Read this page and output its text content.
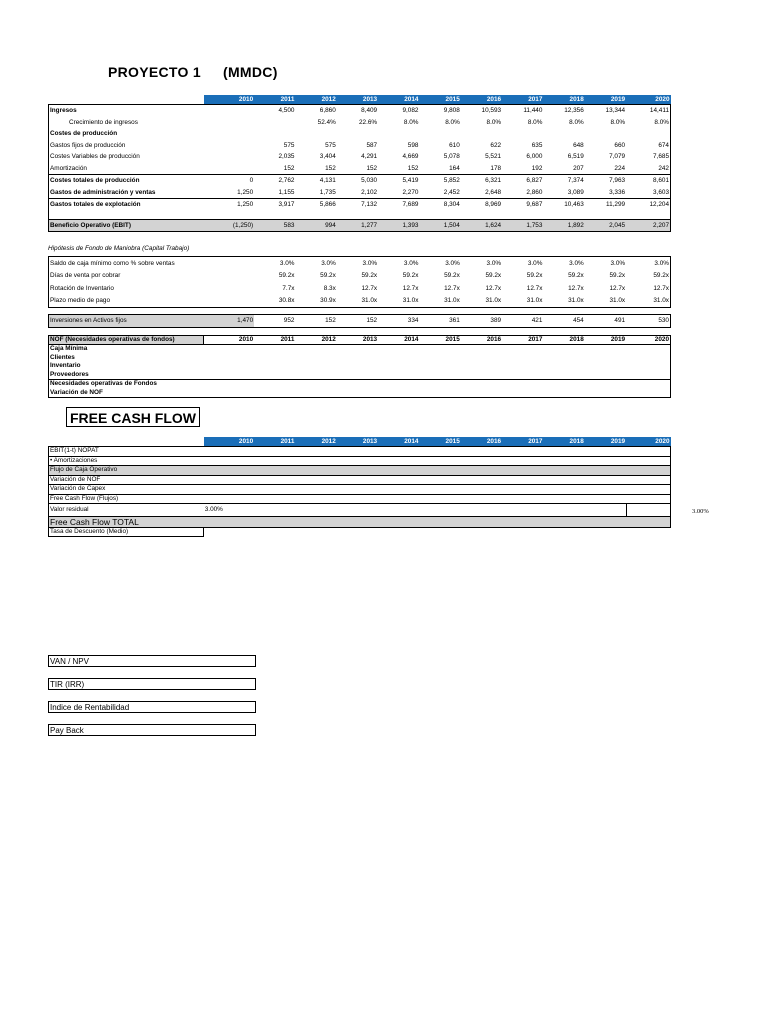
PROYECTO 1 (MMDC)
	2010	2011	2012	2013	2014	2015	2016	2017	2018	2019	2020
Ingresos		4,500	6,860	8,409	9,082	9,808	10,593	11,440	12,356	13,344	14,411
Crecimiento de ingresos			52.4%	22.6%	8.0%	8.0%	8.0%	8.0%	8.0%	8.0%	8.0%
Costes de producción											
Gastos fijos de producción		575	575	587	598	610	622	635	648	660	674
Costes Variables de producción		2,035	3,404	4,291	4,669	5,078	5,521	6,000	6,519	7,079	7,685
Amortización		152	152	152	152	164	178	192	207	224	242
Costes totales de producción	0	2,762	4,131	5,030	5,419	5,852	6,321	6,827	7,374	7,963	8,601
Gastos de administración y ventas	1,250	1,155	1,735	2,102	2,270	2,452	2,648	2,860	3,089	3,336	3,603
Gastos totales de explotación	1,250	3,917	5,866	7,132	7,689	8,304	8,969	9,687	10,463	11,299	12,204

Beneficio Operativo (EBIT)	(1,250)	583	994	1,277	1,393	1,504	1,624	1,753	1,892	2,045	2,207
Hipótesis de Fondo de Maniobra (Capital Trabajo)
Saldo de caja mínimo como % sobre ventas		3.0%	3.0%	3.0%	3.0%	3.0%	3.0%	3.0%	3.0%	3.0%	3.0%
Días de venta por cobrar		59.2x	59.2x	59.2x	59.2x	59.2x	59.2x	59.2x	59.2x	59.2x	59.2x
Rotación de Inventario		7.7x	8.3x	12.7x	12.7x	12.7x	12.7x	12.7x	12.7x	12.7x	12.7x
Plazo medio de pago		30.8x	30.9x	31.0x	31.0x	31.0x	31.0x	31.0x	31.0x	31.0x	31.0x
Inversiones en Activos fijos	1,470	952	152	152	334	361	389	421	454	491	530
NOF (Necesidades operativas de fondos)	2010	2011	2012	2013	2014	2015	2016	2017	2018	2019	2020
Caja Mínima											
Clientes											
Inventario											
Proveedores											
Necesidades operativas de Fondos											
Variación de NOF											
FREE CASH FLOW
	2010	2011	2012	2013	2014	2015	2016	2017	2018	2019	2020
EBIT(1-t) NOPAT											
• Amortizaciones											
Flujo de Caja Operativo											
Variación de NOF											
Variación de Capex											
Free Cash Flow (Flujos)											
Valor residual	3.00%										
Free Cash Flow TOTAL											
Tasa de Descuento (Medio)											
3.00%
VAN / NPV
TIR (IRR)
Indice de Rentabilidad
Pay Back
